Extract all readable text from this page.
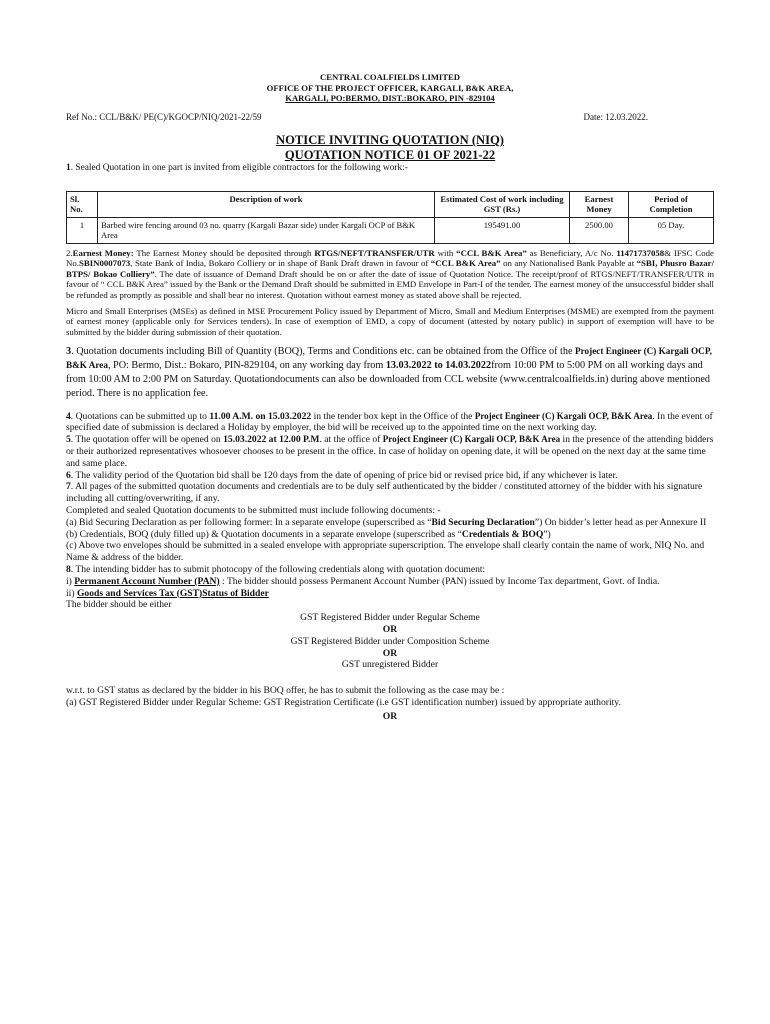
CENTRAL COALFIELDS LIMITED
OFFICE OF THE PROJECT OFFICER, KARGALI, B&K AREA,
KARGALI, PO:BERMO, DIST.:BOKARO, PIN -829104
Ref No.: CCL/B&K/ PE(C)/KGOCP/NIQ/2021-22/59	Date: 12.03.2022.
NOTICE INVITING QUOTATION (NIQ)
QUOTATION NOTICE 01 OF 2021-22

1. Sealed Quotation in one part is invited from eligible contractors for the following work:-

Sl. No.	Description of work	Estimated Cost of work including GST (Rs.)	Earnest Money	Period of Completion
1	Barbed wire fencing around 03 no. quarry (Kargali Bazar side) under Kargali OCP of B&K Area	195491.00	2500.00	05 Day.

2.Earnest Money: The Earnest Money should be deposited through RTGS/NEFT/TRANSFER/UTR with “CCL B&K Area” as Beneficiary, A/c No. 11471737058& IFSC Code No.SBIN0007073, State Bank of India, Bokaro Colliery or in shape of Bank Draft drawn in favour of “CCL B&K Area” on any Nationalised Bank Payable at “SBI, Phusro Bazar/ BTPS/ Bokao Colliery”. The date of issuance of Demand Draft should be on or after the date of issue of Quotation Notice. The receipt/proof of RTGS/NEFT/TRANSFER/UTR in favour of “ CCL B&K Area” issued by the Bank or the Demand Draft should be submitted in EMD Envelope in Part-I of the tender. The earnest money of the unsuccessful bidder shall be refunded as promptly as possible and shall bear no interest. Quotation without earnest money as stated above shall be rejected.

Micro and Small Enterprises (MSEs) as defined in MSE Procurement Policy issued by Department of Micro, Small and Medium Enterprises (MSME) are exempted from the payment of earnest money (applicable only for Services tenders). In case of exemption of EMD, a copy of document (attested by notary public) in support of exemption will have to be submitted by the bidder during submission of their quotation.

3. Quotation documents including Bill of Quantity (BOQ), Terms and Conditions etc. can be obtained from the Office of the Project Engineer (C) Kargali OCP, B&K Area, PO: Bermo, Dist.: Bokaro, PIN-829104, on any working day from 13.03.2022 to 14.03.2022from 10:00 PM to 5:00 PM on all working days and from 10:00 AM to 2:00 PM on Saturday. Quotationdocuments can also be downloaded from CCL website (www.centralcoalfields.in) during above mentioned period. There is no application fee.

4. Quotations can be submitted up to 11.00 A.M. on 15.03.2022 in the tender box kept in the Office of the Project Engineer (C) Kargali OCP, B&K Area. In the event of specified date of submission is declared a Holiday by employer, the bid will be received up to the appointed time on the next working day.

5. The quotation offer will be opened on 15.03.2022 at 12.00 P.M. at the office of Project Engineer (C) Kargali OCP, B&K Area in the presence of the attending bidders or their authorized representatives whosoever chooses to be present in the office. In case of holiday on opening date, it will be opened on the next day at the same time and same place.

6. The validity period of the Quotation bid shall be 120 days from the date of opening of price bid or revised price bid, if any whichever is later.

7. All pages of the submitted quotation documents and credentials are to be duly self authenticated by the bidder / constituted attorney of the bidder with his signature including all cutting/overwriting, if any.

Completed and sealed Quotation documents to be submitted must include following documents: -

(a) Bid Securing Declaration as per following former: In a separate envelope (superscribed as “Bid Securing Declaration”) On bidder’s letter head as per Annexure II

(b) Credentials, BOQ (duly filled up) & Quotation documents in a separate envelope (superscribed as “Credentials & BOQ”)

(c) Above two envelopes should be submitted in a sealed envelope with appropriate superscription. The envelope shall clearly contain the name of work, NIQ No. and Name & address of the bidder.

8. The intending bidder has to submit photocopy of the following credentials along with quotation document:

i) Permanent Account Number (PAN) : The bidder should possess Permanent Account Number (PAN) issued by Income Tax department, Govt. of India.

ii) Goods and Services Tax (GST)Status of Bidder

The bidder should be either

GST Registered Bidder under Regular Scheme

OR

GST Registered Bidder under Composition Scheme

OR

GST unregistered Bidder

w.r.t. to GST status as declared by the bidder in his BOQ offer, he has to submit the following as the case may be :

(a) GST Registered Bidder under Regular Scheme: GST Registration Certificate (i.e GST identification number) issued by appropriate authority.

OR
